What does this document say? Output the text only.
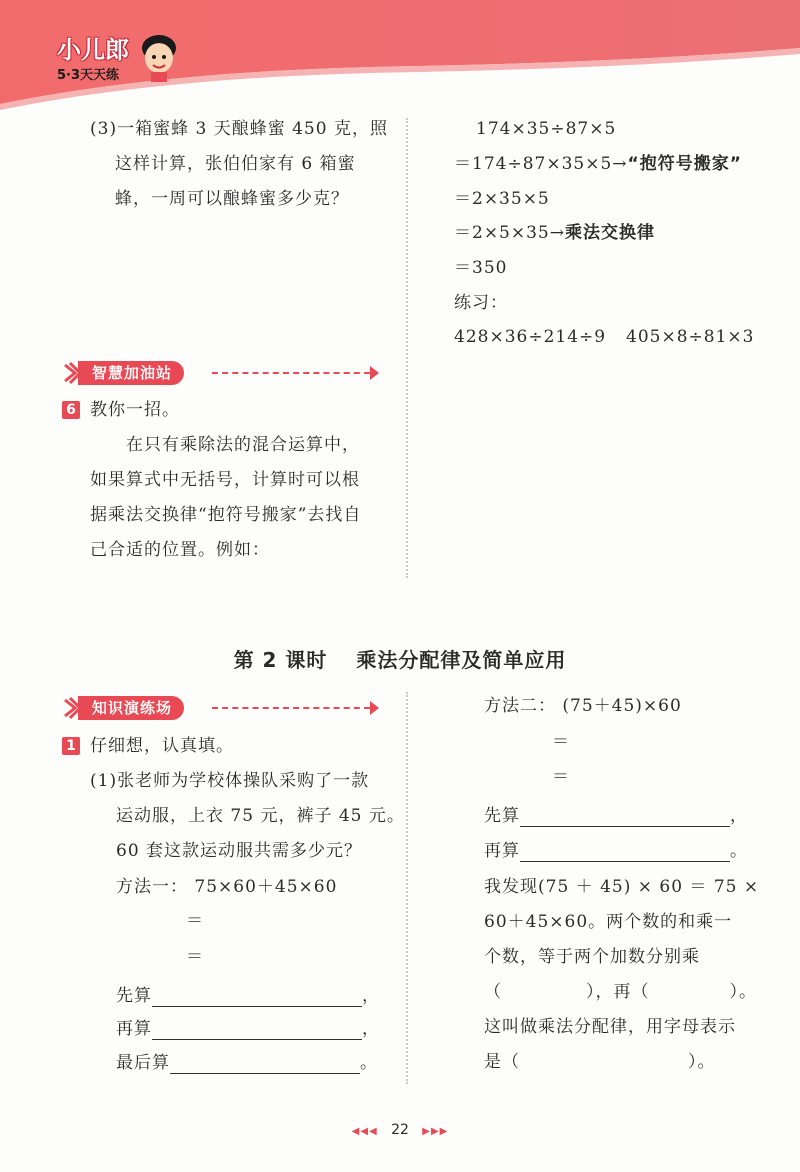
小儿郎
5·3天天练
(3)一箱蜜蜂 3 天酿蜂蜜 450 克，照
这样计算，张伯伯家有 6 箱蜜
蜂，一周可以酿蜂蜜多少克？
智慧加油站
6 教你一招。
在只有乘除法的混合运算中，
如果算式中无括号，计算时可以根
据乘法交换律“抱符号搬家”去找自
己合适的位置。例如：
174×35÷87×5
＝174÷87×35×5→“抱符号搬家”
＝2×35×5
＝2×5×35→乘法交换律
＝350
练习：
428×36÷214÷9 405×8÷81×3
第 2 课时　 乘法分配律及简单应用
知识演练场
1 仔细想，认真填。
(1)张老师为学校体操队采购了一款
运动服，上衣 75 元，裤子 45 元。
60 套这款运动服共需多少元？
方法一： 75×60＋45×60
＝
＝
先算	，
再算	，
最后算	。
方法二： (75＋45)×60
＝
＝
先算	，
再算	。
我发现(75 ＋ 45) × 60 ＝ 75 ×
60＋45×60。两个数的和乘一
个数，等于两个加数分别乘
（	），再（	）。
这叫做乘法分配律，用字母表示
是（	）。
◀◀◀ 22 ▶▶▶
